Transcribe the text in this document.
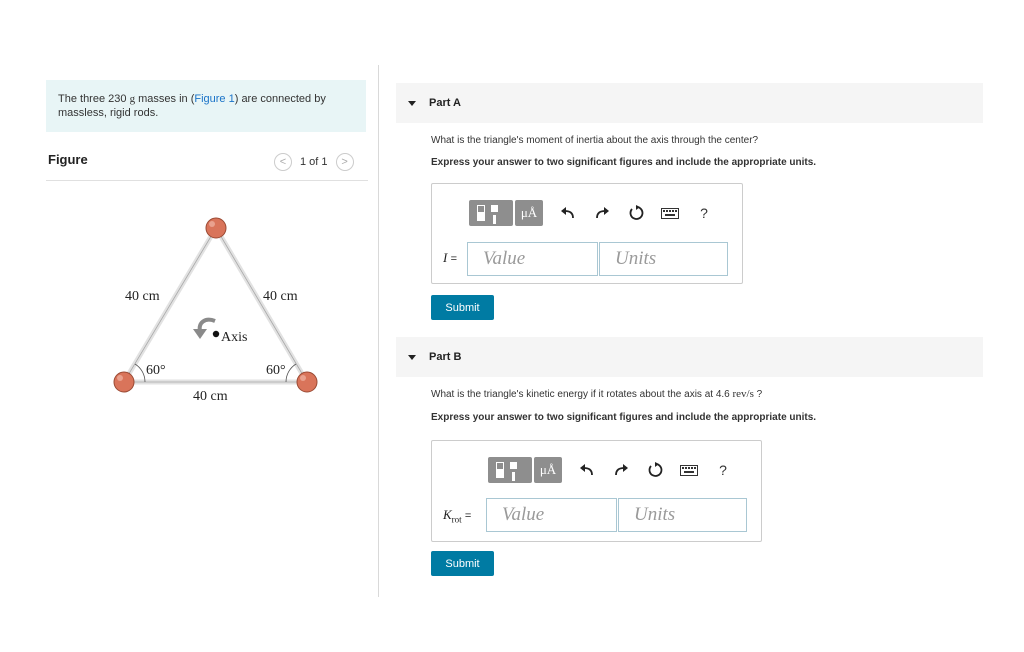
The three 230 g masses in (Figure 1) are connected by massless, rigid rods.
Figure	<	1 of 1	>
40 cm	40 cm
40 cm
60°	60°
Axis
Part A
What is the triangle's moment of inertia about the axis through the center?
Express your answer to two significant figures and include the appropriate units.
μÅ	?
I =	Value	Units
Submit
Part B
What is the triangle's kinetic energy if it rotates about the axis at 4.6 rev/s ?
Express your answer to two significant figures and include the appropriate units.
μÅ	?
$K_{rot}$ =	Value	Units
Submit
